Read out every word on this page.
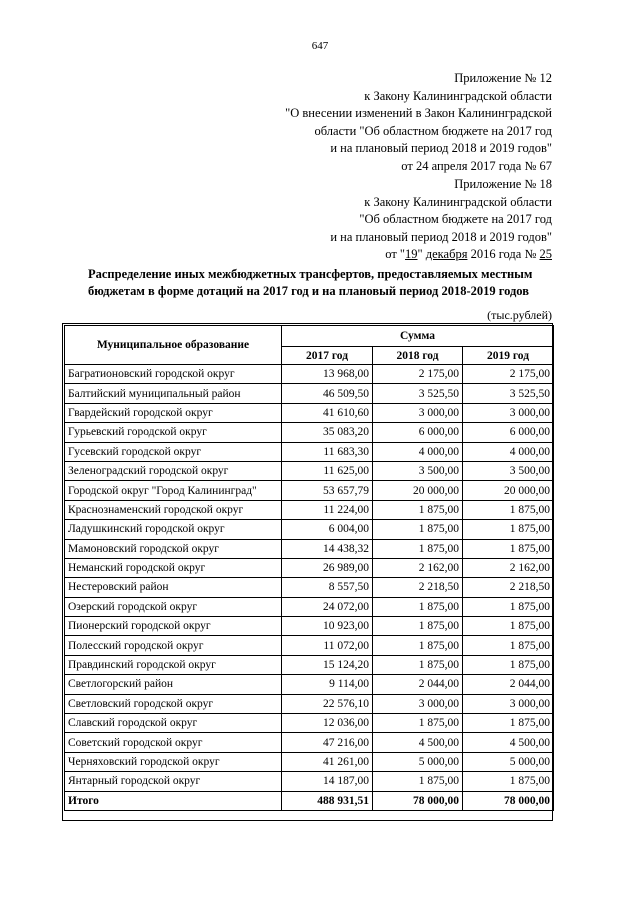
647
Приложение № 12
к Закону Калининградской области
"О внесении изменений в Закон Калининградской
области "Об областном бюджете на 2017 год
и на плановый период 2018 и 2019 годов"
от 24 апреля 2017 года № 67
Приложение № 18
к Закону Калининградской области
"Об областном бюджете на 2017 год
и на плановый период 2018 и 2019 годов"
от "19" декабря 2016 года № 25
Распределение иных межбюджетных трансфертов, предоставляемых местным бюджетам в форме дотаций на 2017 год и на плановый период 2018-2019 годов
(тыс.рублей)
Муниципальное образование	Сумма		
	2017 год	2018 год	2019 год
Багратионовский городской округ	13 968,00	2 175,00	2 175,00
Балтийский муниципальный район	46 509,50	3 525,50	3 525,50
Гвардейский городской округ	41 610,60	3 000,00	3 000,00
Гурьевский городской округ	35 083,20	6 000,00	6 000,00
Гусевский городской округ	11 683,30	4 000,00	4 000,00
Зеленоградский городской округ	11 625,00	3 500,00	3 500,00
Городской округ "Город Калининград"	53 657,79	20 000,00	20 000,00
Краснознаменский городской округ	11 224,00	1 875,00	1 875,00
Ладушкинский городской округ	6 004,00	1 875,00	1 875,00
Мамоновский городской округ	14 438,32	1 875,00	1 875,00
Неманский городской округ	26 989,00	2 162,00	2 162,00
Нестеровский район	8 557,50	2 218,50	2 218,50
Озерский городской округ	24 072,00	1 875,00	1 875,00
Пионерский городской округ	10 923,00	1 875,00	1 875,00
Полесский городской округ	11 072,00	1 875,00	1 875,00
Правдинский городской округ	15 124,20	1 875,00	1 875,00
Светлогорский район	9 114,00	2 044,00	2 044,00
Светловский городской округ	22 576,10	3 000,00	3 000,00
Славский городской округ	12 036,00	1 875,00	1 875,00
Советский городской округ	47 216,00	4 500,00	4 500,00
Черняховский городской округ	41 261,00	5 000,00	5 000,00
Янтарный городской округ	14 187,00	1 875,00	1 875,00
Итого	488 931,51	78 000,00	78 000,00
